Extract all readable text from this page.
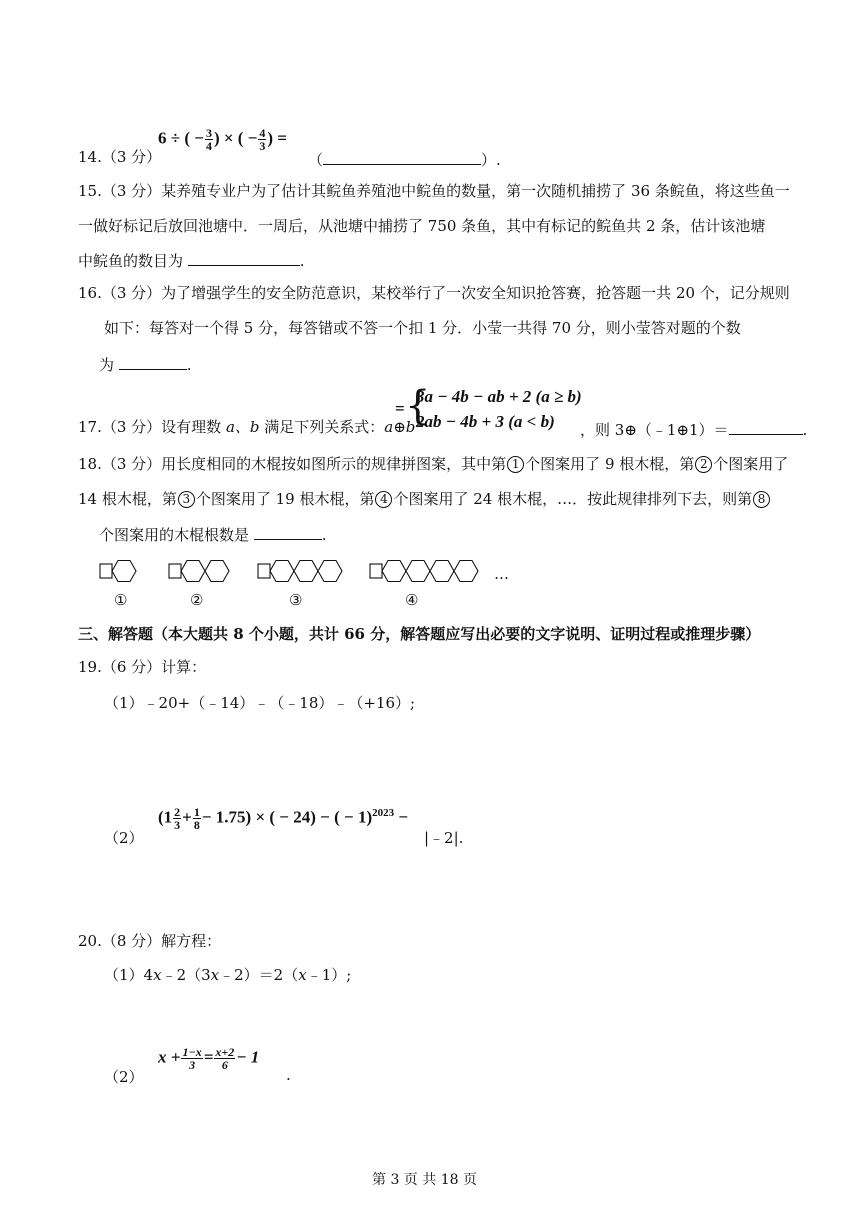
6 ÷ ( − $\frac{3}{4}$ ) × ( − $\frac{4}{3}$ ) =
14.（3 分）	（	）.
15.（3 分）某养殖专业户为了估计其鲩鱼养殖池中鲩鱼的数量，第一次随机捕捞了 36 条鲩鱼，将这些鱼一
一做好标记后放回池塘中．一周后，从池塘中捕捞了 750 条鱼，其中有标记的鲩鱼共 2 条，估计该池塘
中鲩鱼的数目为	.
16.（3 分）为了增强学生的安全防范意识，某校举行了一次安全知识抢答赛，抢答题一共 20 个，记分规则
如下：每答对一个得 5 分，每答错或不答一个扣 1 分．小莹一共得 70 分，则小莹答对题的个数
为	.
17.（3 分）设有理数 a、b 满足下列关系式：a⊕b
= {
3a − 4b − ab + 2 (a ≥ b)
2ab − 4b + 3 (a < b) ，则 3⊕（﹣1⊕1）＝	.
18.（3 分）用长度相同的木棍按如图所示的规律拼图案，其中第 1 个图案用了 9 根木棍，第 2 个图案用了
14 根木棍，第 3 个图案用了 19 根木棍，第 4 个图案用了 24 根木棍，…．按此规律排列下去，则第 8
个图案用的木棍根数是	.
…
①	②	③	④
三、解答题（本大题共 8 个小题，共计 66 分，解答题应写出必要的文字说明、证明过程或推理步骤）
19.（6 分）计算：
（1）﹣20+（﹣14）﹣（﹣18）﹣（+16）;
$(1 \frac{2}{3} + \frac{1}{8} - 1.75)$ × ( − 24) − ( − 1)$^{2023}$ −
（2）	|﹣2|.
20.（8 分）解方程：
（1）4x﹣2（3x﹣2）＝2（x﹣1）;
$x + \frac{1-x}{3} = \frac{x+2}{6} - 1$
（2）	.
第 3 页 共 18 页
